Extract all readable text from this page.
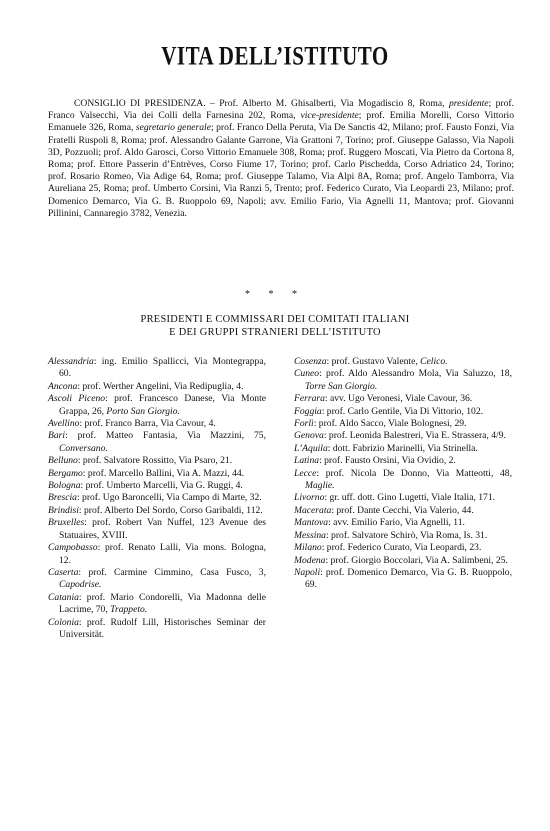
VITA DELL’ISTITUTO

CONSIGLIO DI PRESIDENZA. – Prof. Alberto M. Ghisalberti, Via Mogadiscio 8, Roma, presidente; prof. Franco Valsecchi, Via dei Colli della Farnesina 202, Roma, vice-presidente; prof. Emilia Morelli, Corso Vittorio Emanuele 326, Roma, segretario generale; prof. Franco Della Peruta, Via De Sanctis 42, Milano; prof. Fausto Fonzi, Via Fratelli Ruspoli 8, Roma; prof. Alessandro Galante Garrone, Via Grattoni 7, Torino; prof. Giuseppe Galasso, Via Napoli 3D, Pozzuoli; prof. Aldo Garosci, Corso Vittorio Emanuele 308, Roma; prof. Ruggero Moscati, Via Pietro da Cortona 8, Roma; prof. Ettore Passerin d’Entrèves, Corso Fiume 17, Torino; prof. Carlo Pischedda, Corso Adriatico 24, Torino; prof. Rosario Romeo, Via Adige 64, Roma; prof. Giuseppe Talamo, Via Alpi 8A, Roma; prof. Angelo Tamborra, Via Aureliana 25, Roma; prof. Umberto Corsini, Via Ranzi 5, Trento; prof. Federico Curato, Via Leopardi 23, Milano; prof. Domenico Demarco, Via G. B. Ruoppolo 69, Napoli; avv. Emilio Fario, Via Agnelli 11, Mantova; prof. Giovanni Pillinini, Cannaregio 3782, Venezia.

* * *
PRESIDENTI E COMMISSARI DEI COMITATI ITALIANI
E DEI GRUPPI STRANIERI DELL’ISTITUTO

Alessandria: ing. Emilio Spallicci, Via Montegrappa, 60.

Ancona: prof. Werther Angelini, Via Redipuglia, 4.

Ascoli Piceno: prof. Francesco Danese, Via Monte Grappa, 26, Porto San Giorgio.

Avellino: prof. Franco Barra, Via Cavour, 4.

Bari: prof. Matteo Fantasia, Via Mazzini, 75, Conversano.

Belluno: prof. Salvatore Rossitto, Via Psaro, 21.

Bergamo: prof. Marcello Ballini, Via A. Mazzi, 44.

Bologna: prof. Umberto Marcelli, Via G. Ruggi, 4.

Brescia: prof. Ugo Baroncelli, Via Campo di Marte, 32.

Brindisi: prof. Alberto Del Sordo, Corso Garibaldi, 112.

Bruxelles: prof. Robert Van Nuffel, 123 Avenue des Statuaires, XVIII.

Campobasso: prof. Renato Lalli, Via mons. Bologna, 12.

Caserta: prof. Carmine Cimmino, Casa Fusco, 3, Capodrise.

Catania: prof. Mario Condorelli, Via Madonna delle Lacrime, 70, Trappeto.

Colonia: prof. Rudolf Lill, Historisches Seminar der Universität.

Cosenza: prof. Gustavo Valente, Celico.

Cuneo: prof. Aldo Alessandro Mola, Via Saluzzo, 18, Torre San Giorgio.

Ferrara: avv. Ugo Veronesi, Viale Cavour, 36.

Foggia: prof. Carlo Gentile, Via Di Vittorio, 102.

Forlì: prof. Aldo Sacco, Viale Bolognesi, 29.

Genova: prof. Leonida Balestreri, Via E. Strassera, 4/9.

L’Aquila: dott. Fabrizio Marinelli, Via Strinella.

Latina: prof. Fausto Orsini, Via Ovidio, 2.

Lecce: prof. Nicola De Donno, Via Matteotti, 48, Maglie.

Livorno: gr. uff. dott. Gino Lugetti, Viale Italia, 171.

Macerata: prof. Dante Cecchi, Via Valerio, 44.

Mantova: avv. Emilio Fario, Via Agnelli, 11.

Messina: prof. Salvatore Schirò, Via Roma, Is. 31.

Milano: prof. Federico Curato, Via Leopardi, 23.

Modena: prof. Giorgio Boccolari, Via A. Salimbeni, 25.

Napoli: prof. Domenico Demarco, Via G. B. Ruoppolo, 69.
